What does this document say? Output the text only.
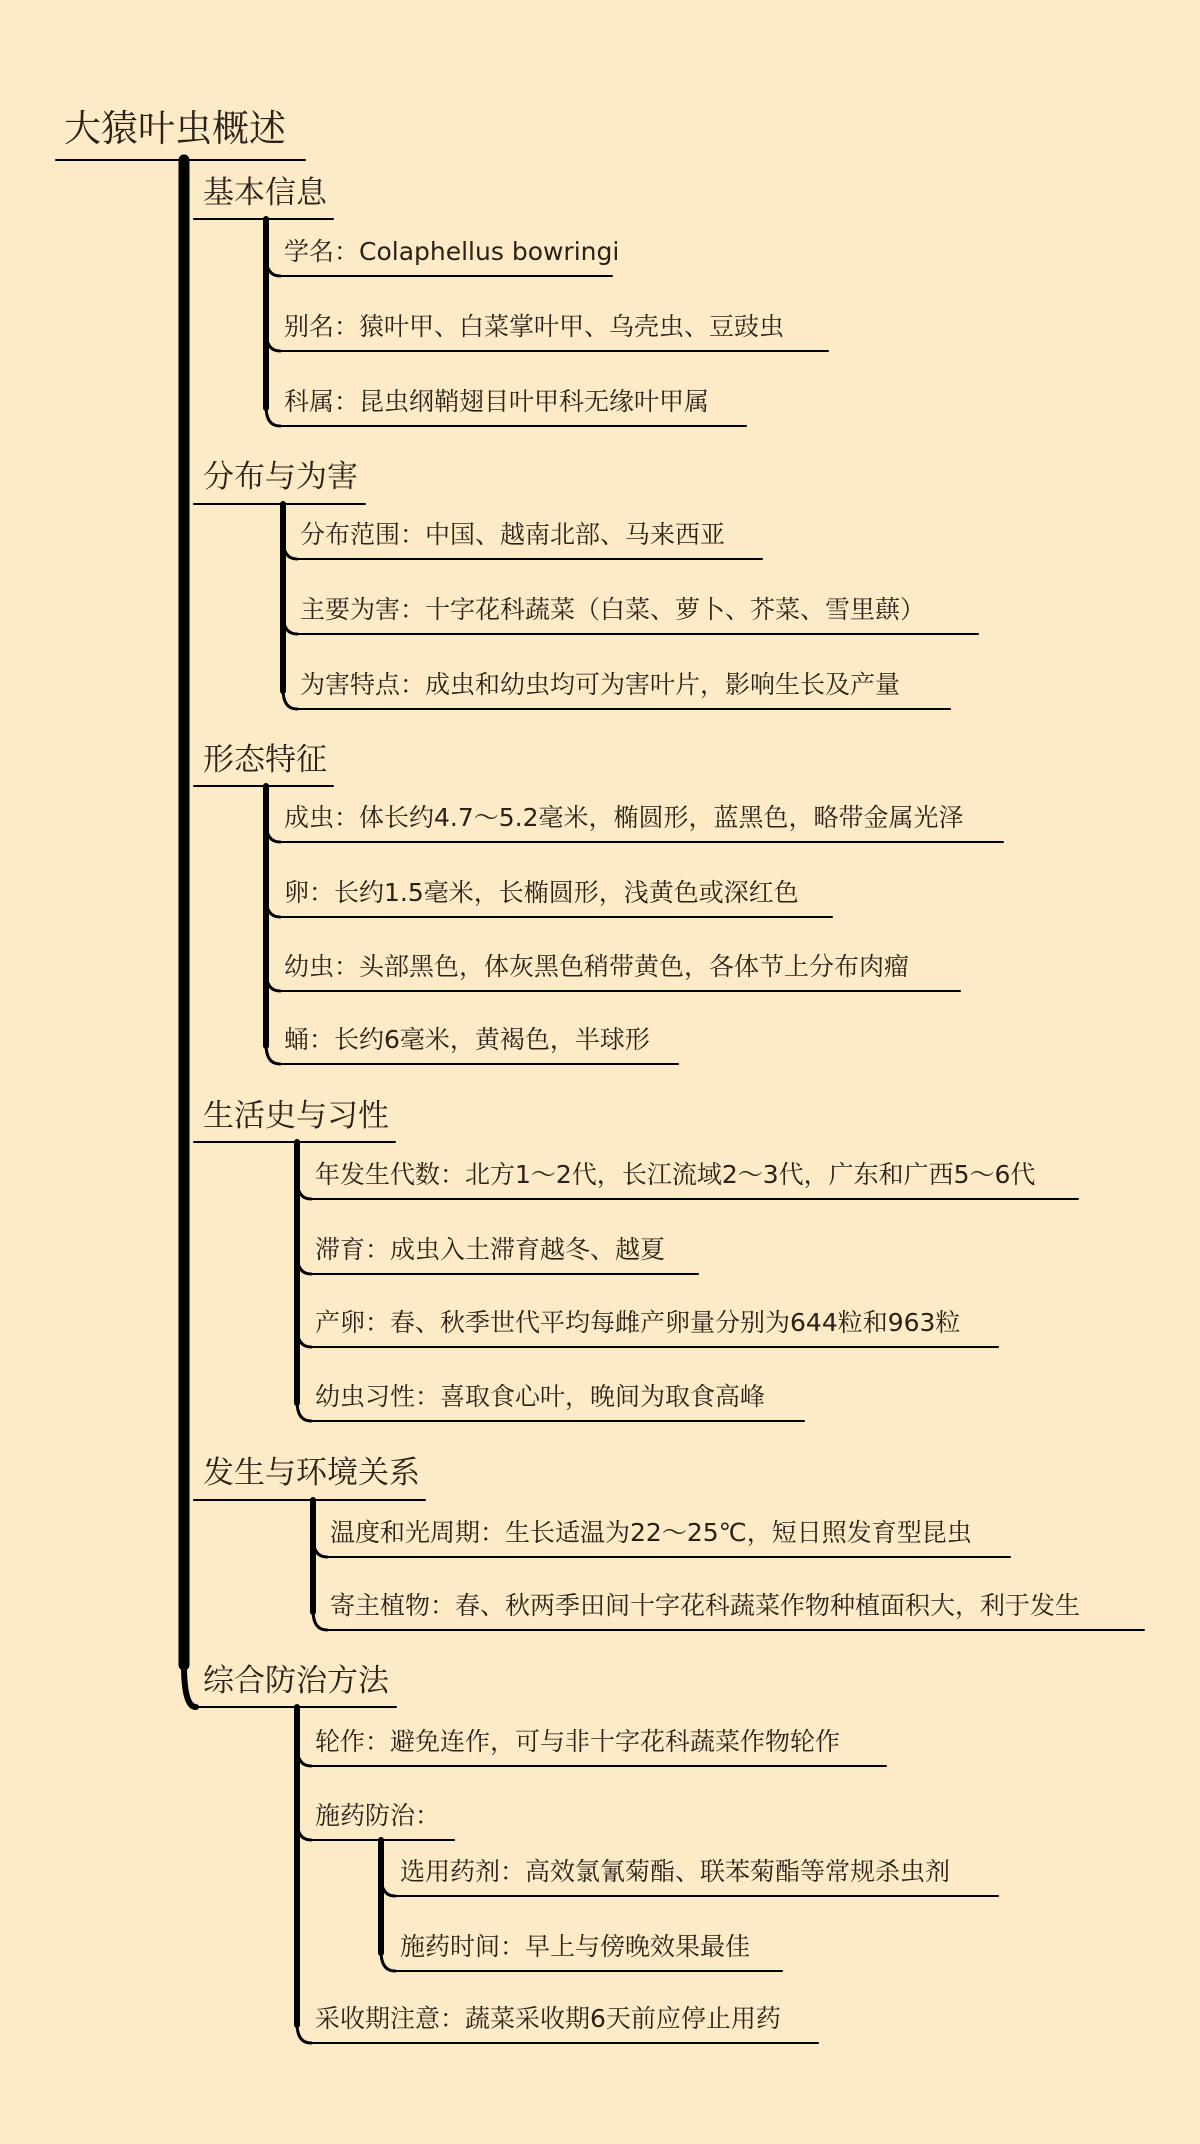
大猿叶虫概述
基本信息
学名：Colaphellus bowringi
别名：猿叶甲、白菜掌叶甲、乌壳虫、豆豉虫
科属：昆虫纲鞘翅目叶甲科无缘叶甲属
分布与为害
分布范围：中国、越南北部、马来西亚
主要为害：十字花科蔬菜（白菜、萝卜、芥菜、雪里蕻）
为害特点：成虫和幼虫均可为害叶片，影响生长及产量
形态特征
成虫：体长约4.7～5.2毫米，椭圆形，蓝黑色，略带金属光泽
卵：长约1.5毫米，长椭圆形，浅黄色或深红色
幼虫：头部黑色，体灰黑色稍带黄色，各体节上分布肉瘤
蛹：长约6毫米，黄褐色，半球形
生活史与习性
年发生代数：北方1～2代，长江流域2～3代，广东和广西5～6代
滞育：成虫入土滞育越冬、越夏
产卵：春、秋季世代平均每雌产卵量分别为644粒和963粒
幼虫习性：喜取食心叶，晚间为取食高峰
发生与环境关系
温度和光周期：生长适温为22～25℃，短日照发育型昆虫
寄主植物：春、秋两季田间十字花科蔬菜作物种植面积大，利于发生
综合防治方法
轮作：避免连作，可与非十字花科蔬菜作物轮作
施药防治：
选用药剂：高效氯氰菊酯、联苯菊酯等常规杀虫剂
施药时间：早上与傍晚效果最佳
采收期注意：蔬菜采收期6天前应停止用药
